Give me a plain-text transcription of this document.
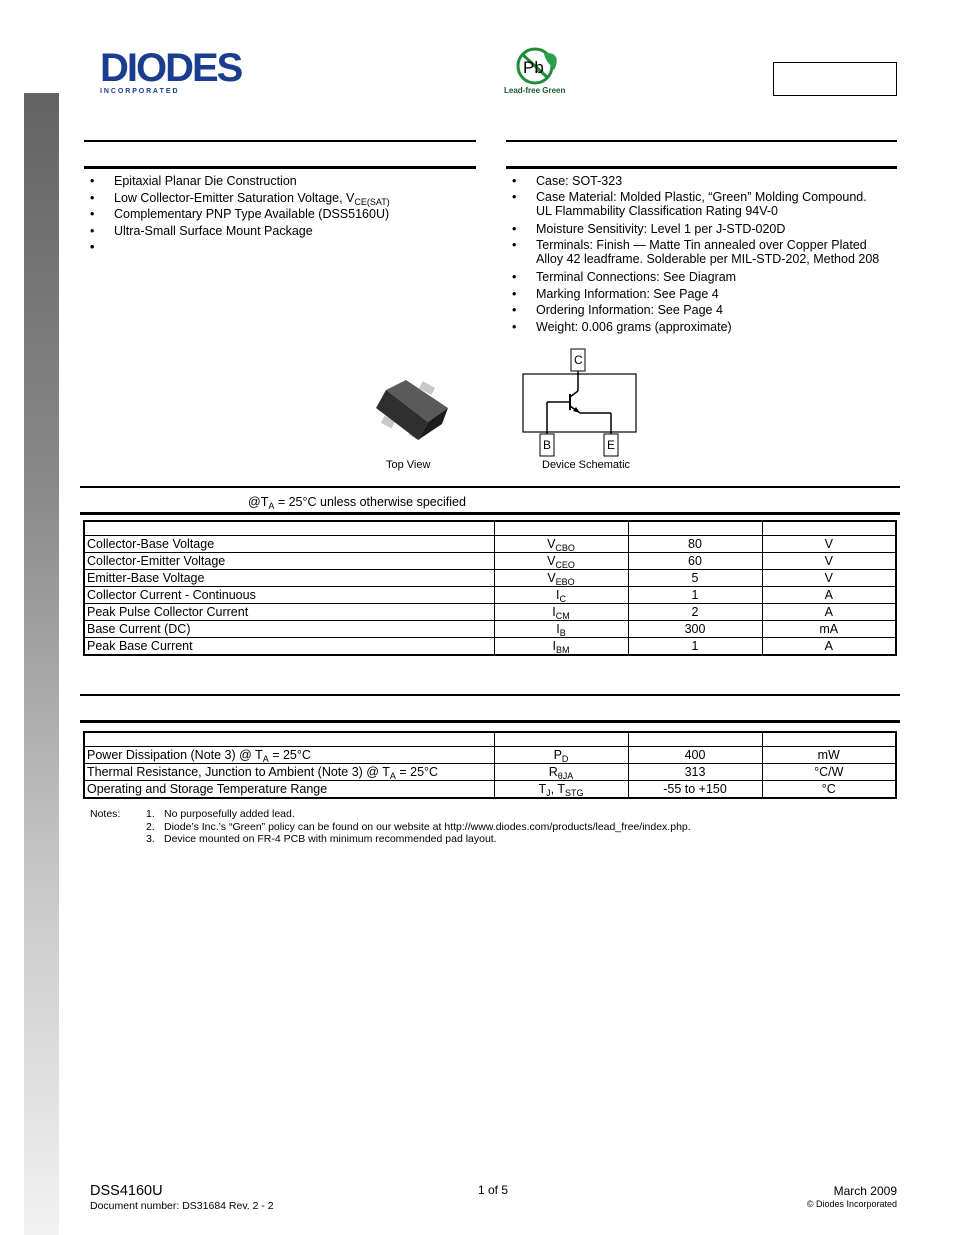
DIODES
I N C O R P O R A T E D
Pb
Lead-free Green
• Epitaxial Planar Die Construction
• Low Collector-Emitter Saturation Voltage, $V_{CE(SAT)}$
• Complementary PNP Type Available (DSS5160U)
• Ultra-Small Surface Mount Package
• Case: SOT-323
• Case Material: Molded Plastic, “Green” Molding Compound.
UL Flammability Classification Rating 94V-0
• Moisture Sensitivity: Level 1 per J-STD-020D
• Terminals: Finish — Matte Tin annealed over Copper Plated
Alloy 42 leadframe. Solderable per MIL-STD-202, Method 208
• Terminal Connections: See Diagram
• Marking Information: See Page 4
• Ordering Information: See Page 4
• Weight: 0.006 grams (approximate)
Top View
C
B	E
Device Schematic
$@T_A = 25^\circ C$ unless otherwise specified

Collector-Base Voltage	$V_{CBO}$	80	V
Collector-Emitter Voltage	$V_{CEO}$	60	V
Emitter-Base Voltage	$V_{EBO}$	5	V
Collector Current - Continuous	$I_C$	1	A
Peak Pulse Collector Current	$I_{CM}$	2	A
Base Current (DC)	$I_B$	300	mA
Peak Base Current	$I_{BM}$	1	A

Power Dissipation (Note 3) @ $T_A = 25^\circ C$	$P_D$	400	mW
Thermal Resistance, Junction to Ambient (Note 3) @ $T_A = 25^\circ C$	$R_{\theta JA}$	313	°C/W
Operating and Storage Temperature Range	$T_J$, $T_{STG}$	-55 to +150	°C
Notes: 1. No purposefully added lead.
2. Diode’s Inc.’s “Green” policy can be found on our website at http://www.diodes.com/products/lead_free/index.php.
3. Device mounted on FR-4 PCB with minimum recommended pad layout.
DSS4160U
Document number: DS31684 Rev. 2 - 2
1 of 5	March 2009
© Diodes Incorporated
